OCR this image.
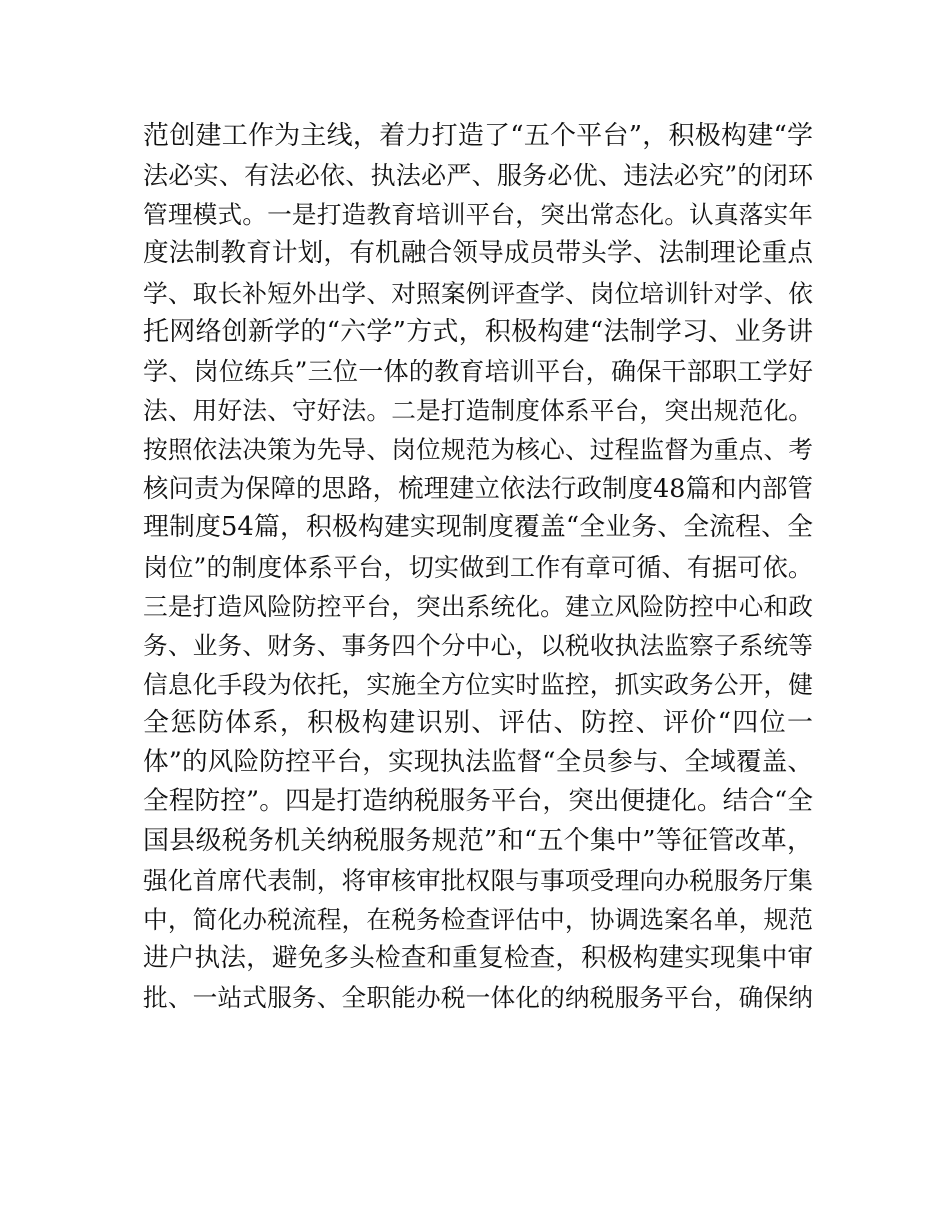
范创建工作为主线，着力打造了“五个平台”，积极构建“学
法必实、有法必依、执法必严、服务必优、违法必究”的闭环
管理模式。一是打造教育培训平台，突出常态化。认真落实年
度法制教育计划，有机融合领导成员带头学、法制理论重点
学、取长补短外出学、对照案例评查学、岗位培训针对学、依
托网络创新学的“六学”方式，积极构建“法制学习、业务讲
学、岗位练兵”三位一体的教育培训平台，确保干部职工学好
法、用好法、守好法。二是打造制度体系平台，突出规范化。
按照依法决策为先导、岗位规范为核心、过程监督为重点、考
核问责为保障的思路，梳理建立依法行政制度48篇和内部管
理制度54篇，积极构建实现制度覆盖“全业务、全流程、全
岗位”的制度体系平台，切实做到工作有章可循、有据可依。
三是打造风险防控平台，突出系统化。建立风险防控中心和政
务、业务、财务、事务四个分中心，以税收执法监察子系统等
信息化手段为依托，实施全方位实时监控，抓实政务公开，健
全惩防体系，积极构建识别、评估、防控、评价“四位一
体”的风险防控平台，实现执法监督“全员参与、全域覆盖、
全程防控”。四是打造纳税服务平台，突出便捷化。结合“全
国县级税务机关纳税服务规范”和“五个集中”等征管改革，
强化首席代表制，将审核审批权限与事项受理向办税服务厅集
中，简化办税流程，在税务检查评估中，协调选案名单，规范
进户执法，避免多头检查和重复检查，积极构建实现集中审
批、一站式服务、全职能办税一体化的纳税服务平台，确保纳
